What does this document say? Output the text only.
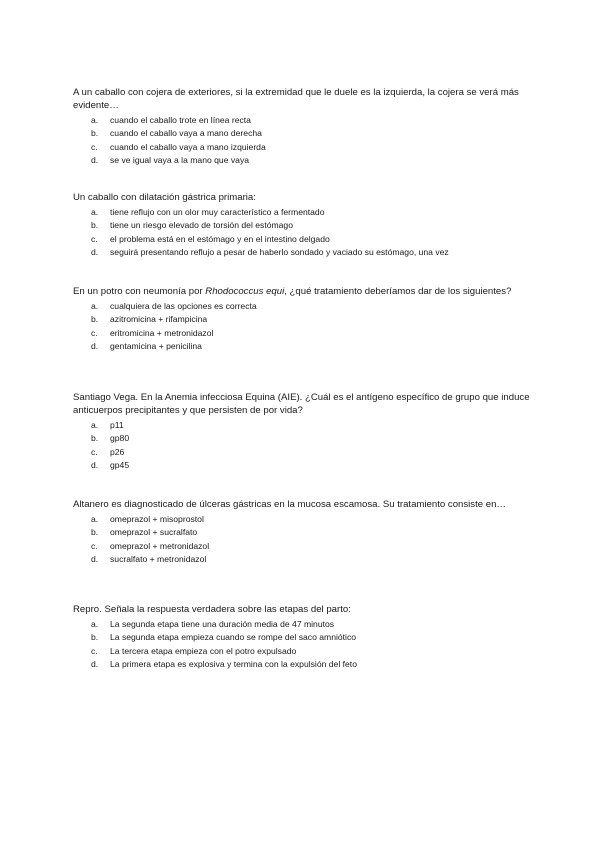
A un caballo con cojera de exteriores, si la extremidad que le duele es la izquierda, la cojera se verá más evidente…

a.	cuando el caballo trote en línea recta
b.	cuando el caballo vaya a mano derecha
c.	cuando el caballo vaya a mano izquierda
d.	se ve igual vaya a la mano que vaya

Un caballo con dilatación gástrica primaria:

a.	tiene reflujo con un olor muy característico a fermentado
b.	tiene un riesgo elevado de torsión del estómago
c.	el problema está en el estómago y en el intestino delgado
d.	seguirá presentando reflujo a pesar de haberlo sondado y vaciado su estómago, una vez

En un potro con neumonía por Rhodococcus equi, ¿qué tratamiento deberíamos dar de los siguientes?

a.	cualquiera de las opciones es correcta
b.	azitromicina + rifampicina
c.	eritromicina + metronidazol
d.	gentamicina + penicilina

Santiago Vega. En la Anemia infecciosa Equina (AIE). ¿Cuál es el antígeno específico de grupo que induce anticuerpos precipitantes y que persisten de por vida?

a.	p11
b.	gp80
c.	p26
d.	gp45

Altanero es diagnosticado de úlceras gástricas en la mucosa escamosa. Su tratamiento consiste en…

a.	omeprazol + misoprostol
b.	omeprazol + sucralfato
c.	omeprazol + metronidazol
d.	sucralfato + metronidazol

Repro. Señala la respuesta verdadera sobre las etapas del parto:

a.	La segunda etapa tiene una duración media de 47 minutos
b.	La segunda etapa empieza cuando se rompe del saco amniótico
c.	La tercera etapa empieza con el potro expulsado
d.	La primera etapa es explosiva y termina con la expulsión del feto
